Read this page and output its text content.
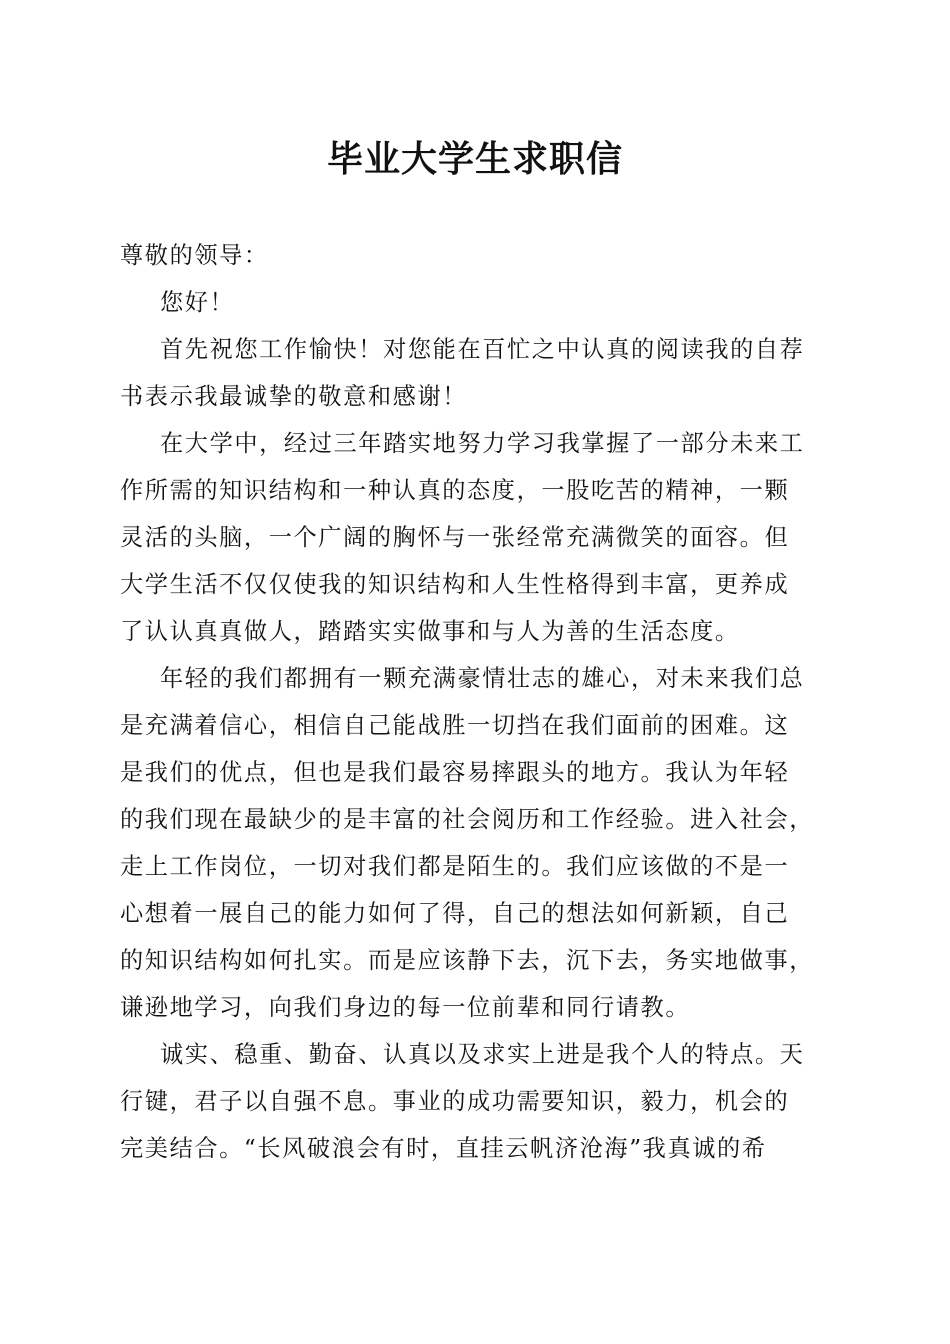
毕业大学生求职信
尊敬的领导：
您好！
首先祝您工作愉快！对您能在百忙之中认真的阅读我的自荐
书表示我最诚挚的敬意和感谢！
在大学中，经过三年踏实地努力学习我掌握了一部分未来工
作所需的知识结构和一种认真的态度，一股吃苦的精神，一颗
灵活的头脑，一个广阔的胸怀与一张经常充满微笑的面容。但
大学生活不仅仅使我的知识结构和人生性格得到丰富，更养成
了认认真真做人，踏踏实实做事和与人为善的生活态度。
年轻的我们都拥有一颗充满豪情壮志的雄心，对未来我们总
是充满着信心，相信自己能战胜一切挡在我们面前的困难。这
是我们的优点，但也是我们最容易摔跟头的地方。我认为年轻
的我们现在最缺少的是丰富的社会阅历和工作经验。进入社会，
走上工作岗位，一切对我们都是陌生的。我们应该做的不是一
心想着一展自己的能力如何了得，自己的想法如何新颖，自己
的知识结构如何扎实。而是应该静下去，沉下去，务实地做事，
谦逊地学习，向我们身边的每一位前辈和同行请教。
诚实、稳重、勤奋、认真以及求实上进是我个人的特点。天
行键，君子以自强不息。事业的成功需要知识，毅力，机会的
完美结合。“长风破浪会有时，直挂云帆济沧海”我真诚的希
